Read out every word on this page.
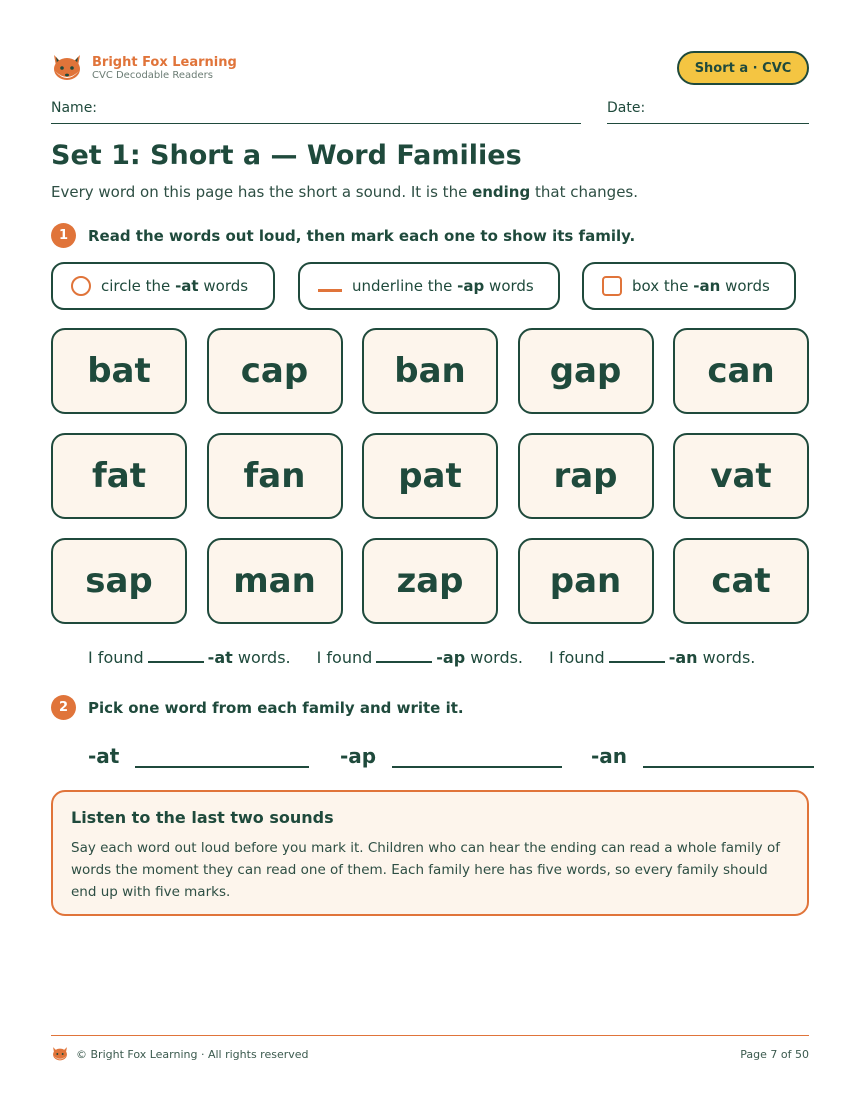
Bright Fox Learning
CVC Decodable Readers	Short a · CVC
Name:	Date:
Set 1: Short a — Word Families
Every word on this page has the short a sound. It is the ending that changes.
1	Read the words out loud, then mark each one to show its family.
circle the
-at
words	underline the
-ap
words	box the
-an
words
bat	cap	ban	gap	can
fat	fan	pat	rap	vat
sap	man	zap	pan	cat
I found	-at
words. I found	-ap
words. I found	-an
words.
2	Pick one word from each family and write it.
-at	-ap	-an
Listen to the last two sounds
Say each word out loud before you mark it. Children who can hear the ending can read a whole family of words the moment they can read one of them. Each family here has five words, so every family should end up with five marks.
© Bright Fox Learning · All rights reserved	Page 7 of 50
